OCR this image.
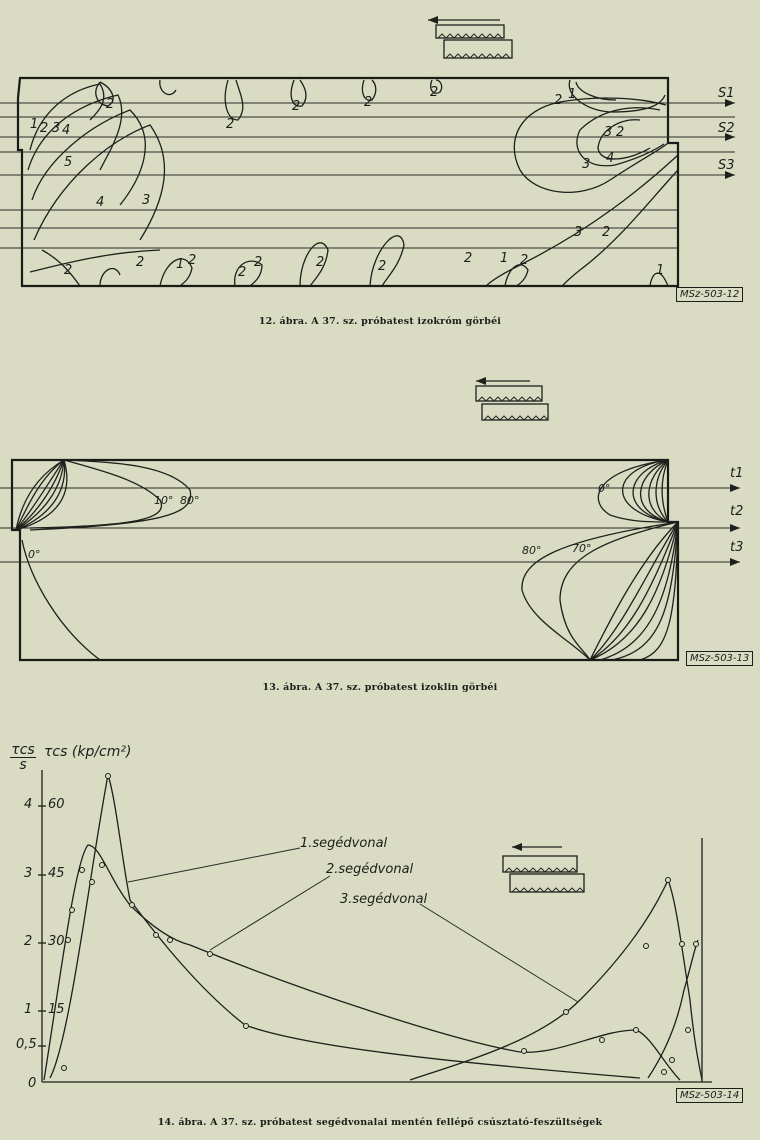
1 2 3 4
5
2
4	3
2
2
2	2
2
2 1
3 2
3 4
3 2
1
2 1 2
2
2	2	2
2 1 2
S1
S2
S3
MSz-503-12
12. ábra. A 37. sz. próbatest izokróm görbéi
10° 80°
0°
0°	80°	70°
t1
t2
t3
MSz-503-13
13. ábra. A 37. sz. próbatest izoklin görbéi
τcs
s
τcs (kp/cm²)
4
3
2
1
0,5
0
60
45
30
15
1.segédvonal
2.segédvonal
3.segédvonal
MSz-503-14
14. ábra. A 37. sz. próbatest segédvonalai mentén fellépő csúsztató-feszültségek
